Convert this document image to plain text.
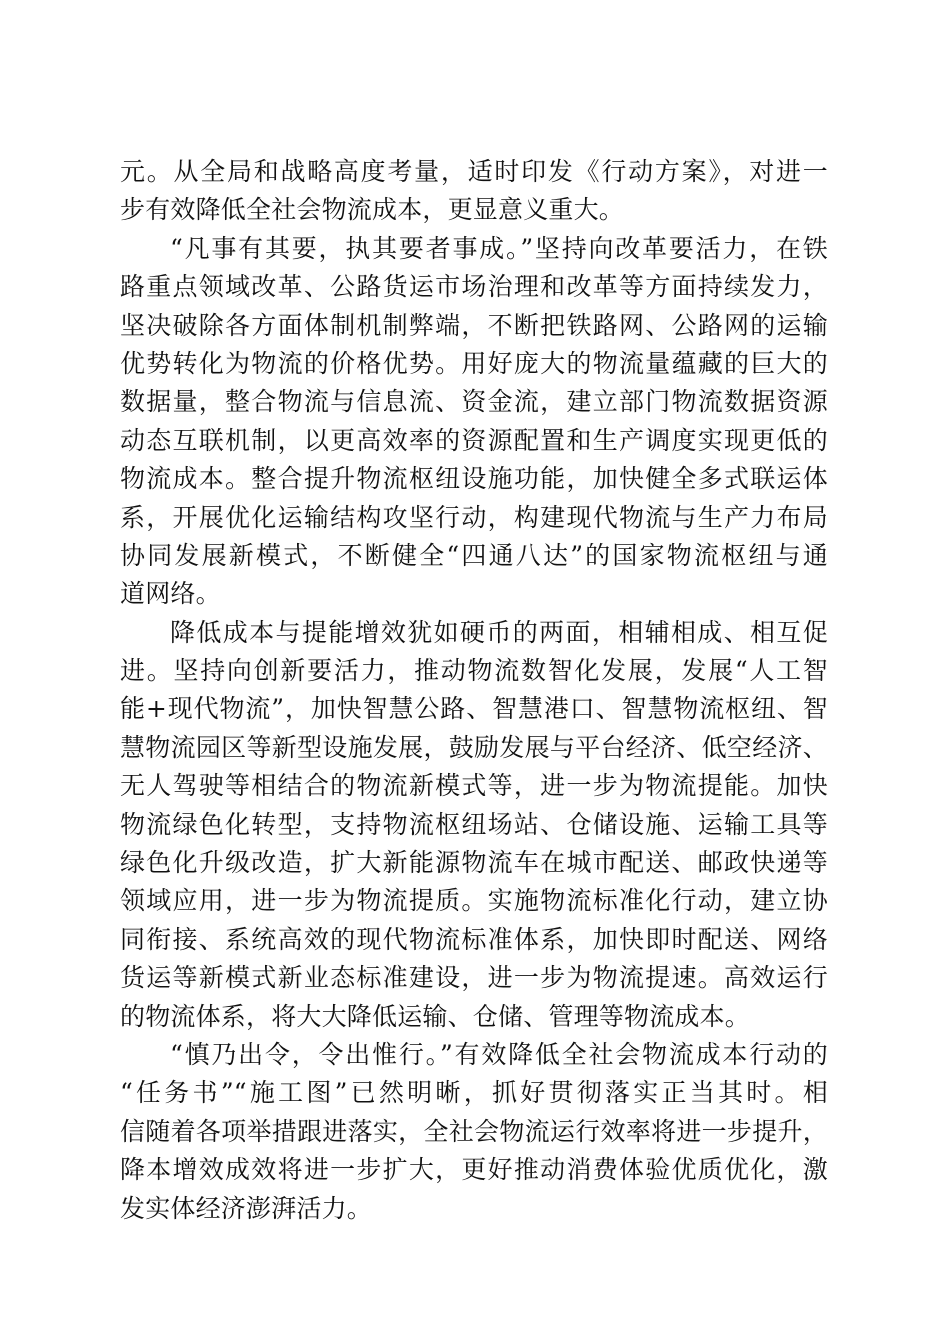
元。从全局和战略高度考量，适时印发《行动方案》，对进一
步有效降低全社会物流成本，更显意义重大。
“凡事有其要，执其要者事成。”坚持向改革要活力，在铁
路重点领域改革、公路货运市场治理和改革等方面持续发力，
坚决破除各方面体制机制弊端，不断把铁路网、公路网的运输
优势转化为物流的价格优势。用好庞大的物流量蕴藏的巨大的
数据量，整合物流与信息流、资金流，建立部门物流数据资源
动态互联机制，以更高效率的资源配置和生产调度实现更低的
物流成本。整合提升物流枢纽设施功能，加快健全多式联运体
系，开展优化运输结构攻坚行动，构建现代物流与生产力布局
协同发展新模式，不断健全“四通八达”的国家物流枢纽与通
道网络。
降低成本与提能增效犹如硬币的两面，相辅相成、相互促
进。坚持向创新要活力，推动物流数智化发展，发展“人工智
能+现代物流”，加快智慧公路、智慧港口、智慧物流枢纽、智
慧物流园区等新型设施发展，鼓励发展与平台经济、低空经济、
无人驾驶等相结合的物流新模式等，进一步为物流提能。加快
物流绿色化转型，支持物流枢纽场站、仓储设施、运输工具等
绿色化升级改造，扩大新能源物流车在城市配送、邮政快递等
领域应用，进一步为物流提质。实施物流标准化行动，建立协
同衔接、系统高效的现代物流标准体系，加快即时配送、网络
货运等新模式新业态标准建设，进一步为物流提速。高效运行
的物流体系，将大大降低运输、仓储、管理等物流成本。
“慎乃出令，令出惟行。”有效降低全社会物流成本行动的
“任务书”“施工图”已然明晰，抓好贯彻落实正当其时。相
信随着各项举措跟进落实，全社会物流运行效率将进一步提升，
降本增效成效将进一步扩大，更好推动消费体验优质优化，激
发实体经济澎湃活力。
